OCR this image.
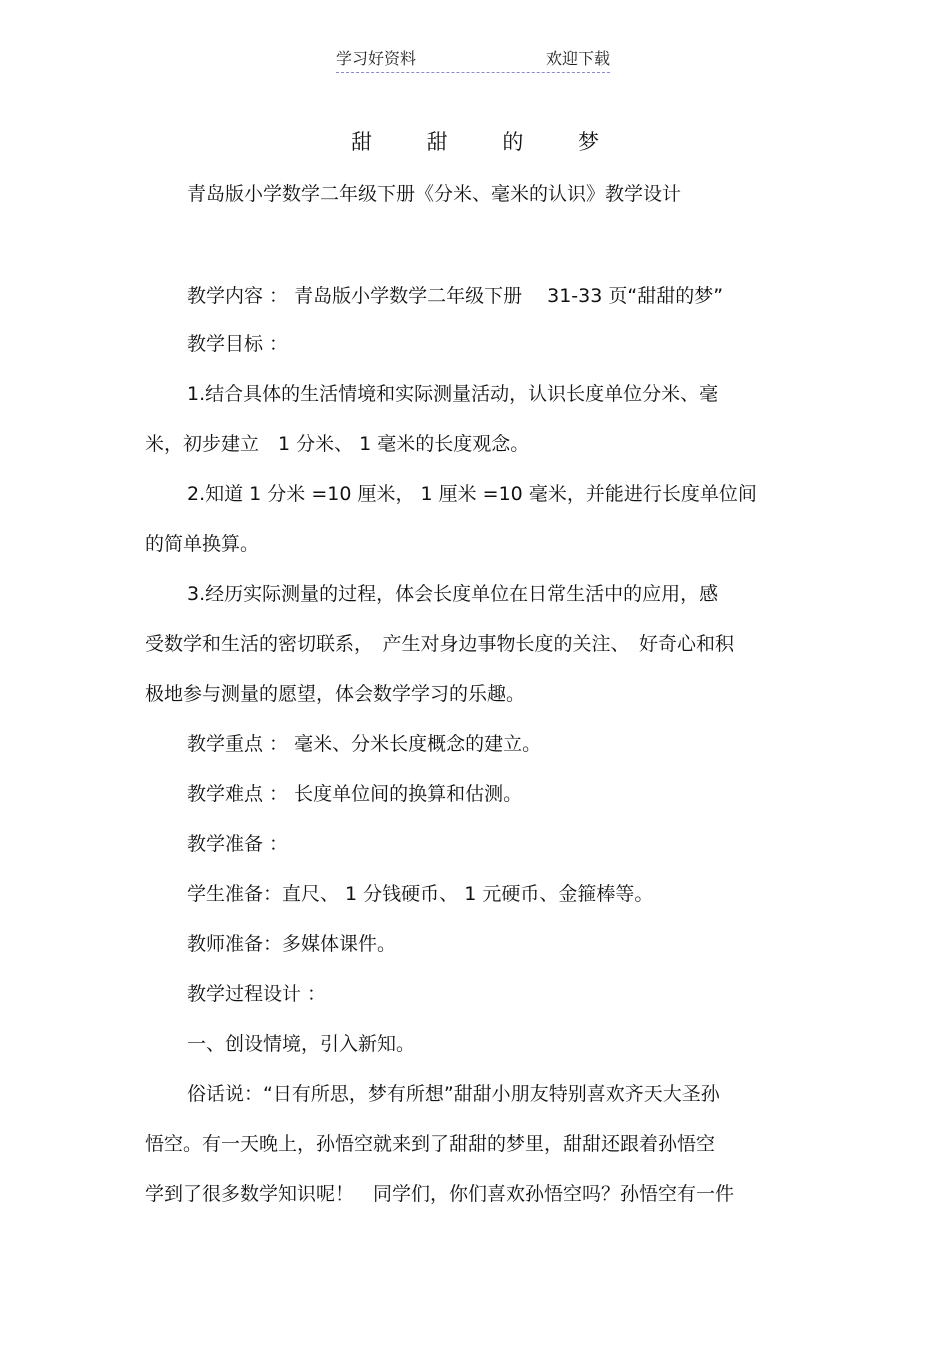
学习好资料	欢迎下载
甜 甜 的 梦
青岛版小学数学二年级下册《分米、毫米的认识》教学设计
教学内容 ： 青岛版小学数学二年级下册　 31-33 页“甜甜的梦”
教学目标 ：
1.结合具体的生活情境和实际测量活动，认识长度单位分米、毫
米，初步建立　1 分米、 1 毫米的长度观念。
2.知道 1 分米 =10 厘米， 1 厘米 =10 毫米，并能进行长度单位间
的简单换算。
3.经历实际测量的过程，体会长度单位在日常生活中的应用，感
受数学和生活的密切联系，　产生对身边事物长度的关注、　好奇心和积
极地参与测量的愿望，体会数学学习的乐趣。
教学重点 ： 毫米、分米长度概念的建立。
教学难点 ： 长度单位间的换算和估测。
教学准备 ：
学生准备：直尺、 1 分钱硬币、 1 元硬币、金箍棒等。
教师准备：多媒体课件。
教学过程设计 ：
一、创设情境，引入新知。
俗话说：“日有所思，梦有所想”甜甜小朋友特别喜欢齐天大圣孙
悟空。有一天晚上，孙悟空就来到了甜甜的梦里，甜甜还跟着孙悟空
学到了很多数学知识呢！　同学们，你们喜欢孙悟空吗？孙悟空有一件
